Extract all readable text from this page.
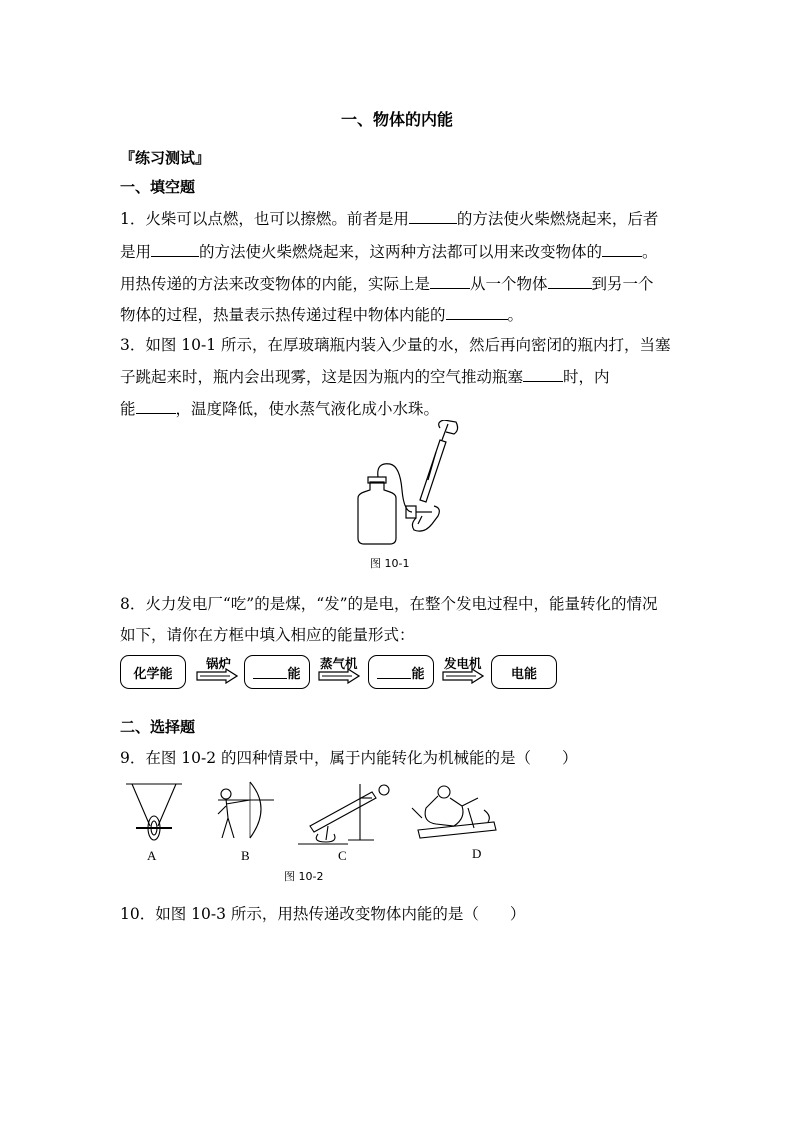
一、物体的内能
『练习测试』
一、填空题
1．火柴可以点燃，也可以擦燃。前者是用	的方法使火柴燃烧起来，后者
是用	的方法使火柴燃烧起来，这两种方法都可以用来改变物体的	。
用热传递的方法来改变物体的内能，实际上是	从一个物体	到另一个
物体的过程，热量表示热传递过程中物体内能的	。
3．如图 10-1 所示，在厚玻璃瓶内装入少量的水，然后再向密闭的瓶内打，当塞
子跳起来时，瓶内会出现雾，这是因为瓶内的空气推动瓶塞	时，内
能	，温度降低，使水蒸气液化成小水珠。
图 10-1
8．火力发电厂“吃”的是煤，“发”的是电，在整个发电过程中，能量转化的情况
如下，请你在方框中填入相应的能量形式：
化学能
锅炉
能
蒸气机
能
发电机
电能
二、选择题
9．在图 10-2 的四种情景中，属于内能转化为机械能的是（　　）
A	B	C	D
图 10-2
10．如图 10-3 所示，用热传递改变物体内能的是（　　）
